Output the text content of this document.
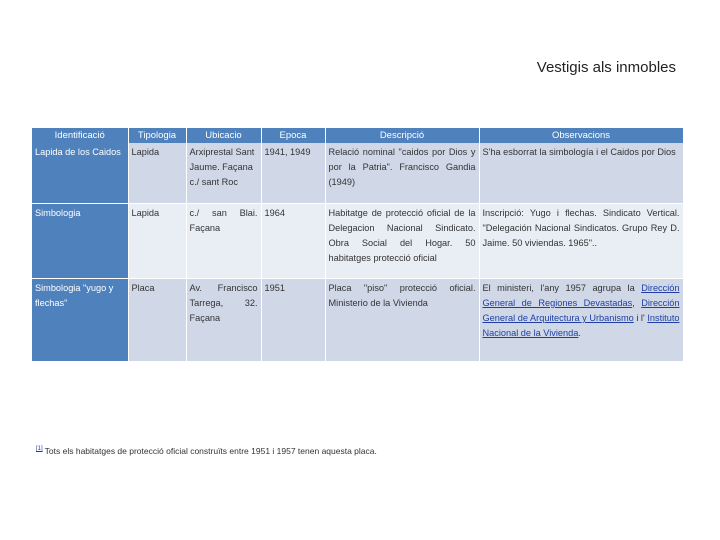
Vestigis als inmobles
Identificació	Tipologia	Ubicacio	Epoca	Descripció	Observacions
Lapida de los Caidos	Lapida	Arxiprestal Sant Jaume. Façana c./ sant Roc	1941, 1949	Relació nominal "caidos por Dios y por la Patria". Francisco Gandia (1949)	S'ha esborrat la simbología i el Caidos por Dios
Simbologia	Lapida	c./ san Blai. Façana	1964	Habitatge de protecció oficial de la Delegacion Nacional Sindicato. Obra Social del Hogar. 50 habitatges protecció oficial	Inscripció: Yugo i flechas. Sindicato Vertical. "Delegación Nacional Sindicatos. Grupo Rey D. Jaime. 50 viviendas. 1965"..
Simbologia "yugo y flechas"	Placa	Av. Francisco Tarrega, 32. Façana	1951	Placa "piso" protecció oficial. Ministerio de la Vivienda	El ministeri, l'any 1957 agrupa la Dirección General de Regiones Devastadas, Dirección General de Arquitectura y Urbanismo i l' Instituto Nacional de la Vivienda.
[1] Tots els habitatges de protecció oficial construïts entre 1951 i 1957 tenen aquesta placa.
